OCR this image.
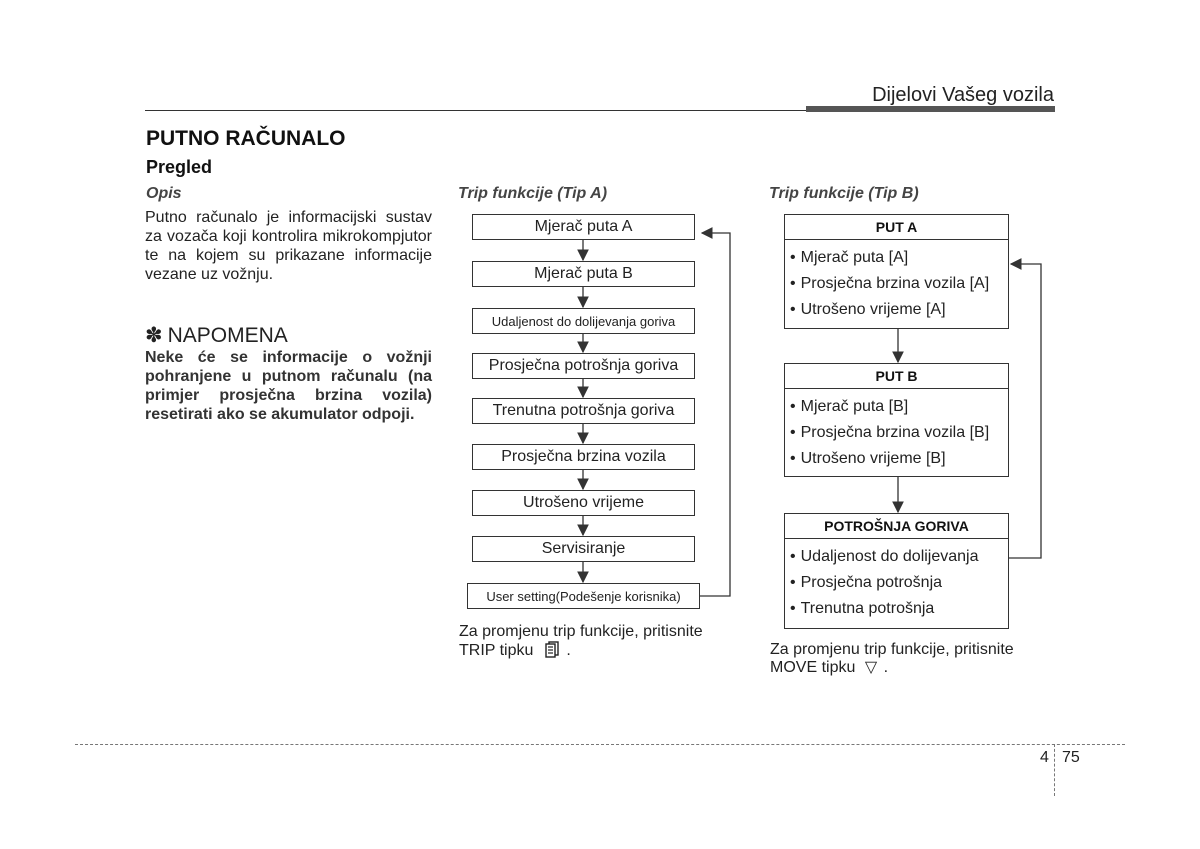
Dijelovi Vašeg vozila
PUTNO RAČUNALO
Pregled
Opis
Putno računalo je informacijski sustav za vozača koji kontrolira mikrokompjutor te na kojem su prikazane informacije vezane uz vožnju.
✽ NAPOMENA
Neke će se informacije o vožnji pohranjene u putnom računalu (na primjer prosječna brzina vozila) resetirati ako se akumulator odpoji.
Trip funkcije (Tip A)
Mjerač puta A
Mjerač puta B
Udaljenost do dolijevanja goriva
Prosječna potrošnja goriva
Trenutna potrošnja goriva
Prosječna brzina vozila
Utrošeno vrijeme
Servisiranje
User setting(Podešenje korisnika)
Za promjenu trip funkcije, pritisnite
TRIP tipku .
Trip funkcije (Tip B)
PUT A
• Mjerač puta [A]
• Prosječna brzina vozila [A]
• Utrošeno vrijeme [A]
PUT B
• Mjerač puta [B]
• Prosječna brzina vozila [B]
• Utrošeno vrijeme [B]
POTROŠNJA GORIVA
• Udaljenost do dolijevanja
• Prosječna potrošnja
• Trenutna potrošnja
Za promjenu trip funkcije, pritisnite
MOVE tipku ▽ .
4 75
